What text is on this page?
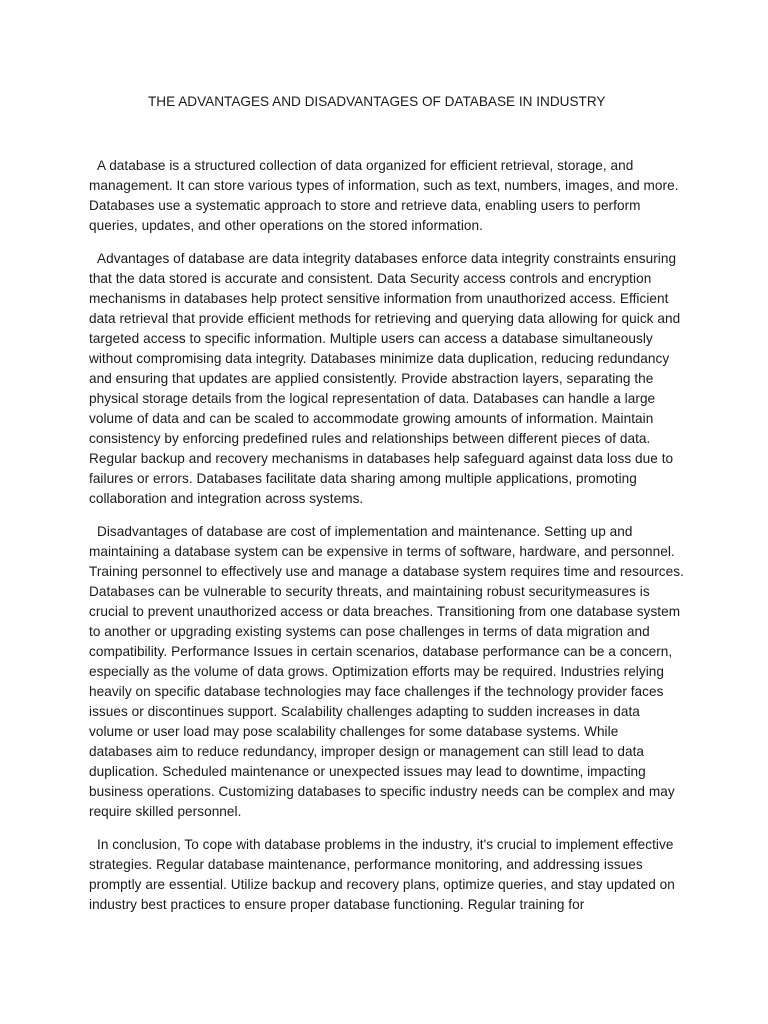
THE ADVANTAGES AND DISADVANTAGES OF DATABASE IN INDUSTRY

A database is a structured collection of data organized for efficient retrieval, storage, and management. It can store various types of information, such as text, numbers, images, and more. Databases use a systematic approach to store and retrieve data, enabling users to perform queries, updates, and other operations on the stored information.

Advantages of database are data integrity databases enforce data integrity constraints ensuring that the data stored is accurate and consistent. Data Security access controls and encryption mechanisms in databases help protect sensitive information from unauthorized access. Efficient data retrieval that provide efficient methods for retrieving and querying data allowing for quick and targeted access to specific information. Multiple users can access a database simultaneously without compromising data integrity. Databases minimize data duplication, reducing redundancy and ensuring that updates are applied consistently. Provide abstraction layers, separating the physical storage details from the logical representation of data. Databases can handle a large volume of data and can be scaled to accommodate growing amounts of information. Maintain consistency by enforcing predefined rules and relationships between different pieces of data. Regular backup and recovery mechanisms in databases help safeguard against data loss due to failures or errors. Databases facilitate data sharing among multiple applications, promoting collaboration and integration across systems.

Disadvantages of database are cost of implementation and maintenance. Setting up and maintaining a database system can be expensive in terms of software, hardware, and personnel. Training personnel to effectively use and manage a database system requires time and resources. Databases can be vulnerable to security threats, and maintaining robust securitymeasures is crucial to prevent unauthorized access or data breaches. Transitioning from one database system to another or upgrading existing systems can pose challenges in terms of data migration and compatibility. Performance Issues in certain scenarios, database performance can be a concern, especially as the volume of data grows. Optimization efforts may be required. Industries relying heavily on specific database technologies may face challenges if the technology provider faces issues or discontinues support. Scalability challenges adapting to sudden increases in data volume or user load may pose scalability challenges for some database systems. While databases aim to reduce redundancy, improper design or management can still lead to data duplication. Scheduled maintenance or unexpected issues may lead to downtime, impacting business operations. Customizing databases to specific industry needs can be complex and may require skilled personnel.

In conclusion, To cope with database problems in the industry, it's crucial to implement effective strategies. Regular database maintenance, performance monitoring, and addressing issues promptly are essential. Utilize backup and recovery plans, optimize queries, and stay updated on industry best practices to ensure proper database functioning. Regular training for
